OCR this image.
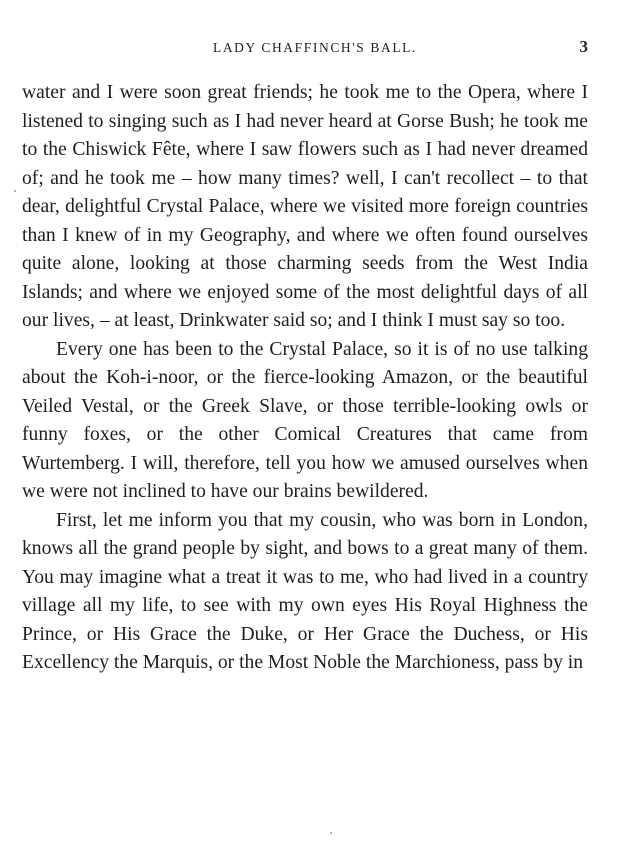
LADY CHAFFINCH'S BALL.	3

water and I were soon great friends; he took me to the Opera, where I listened to singing such as I had never heard at Gorse Bush; he took me to the Chiswick Fête, where I saw flowers such as I had never dreamed of; and he took me – how many times? well, I can't recollect – to that dear, delightful Crystal Palace, where we visited more foreign countries than I knew of in my Geography, and where we often found ourselves quite alone, looking at those charming seeds from the West India Islands; and where we enjoyed some of the most delightful days of all our lives, – at least, Drinkwater said so; and I think I must say so too.

Every one has been to the Crystal Palace, so it is of no use talking about the Koh-i-noor, or the fierce-looking Amazon, or the beautiful Veiled Vestal, or the Greek Slave, or those terrible-looking owls or funny foxes, or the other Comical Creatures that came from Wurtemberg. I will, therefore, tell you how we amused ourselves when we were not inclined to have our brains bewildered.

First, let me inform you that my cousin, who was born in London, knows all the grand people by sight, and bows to a great many of them. You may imagine what a treat it was to me, who had lived in a country village all my life, to see with my own eyes His Royal Highness the Prince, or His Grace the Duke, or Her Grace the Duchess, or His Excellency the Marquis, or the Most Noble the Marchioness, pass by in
